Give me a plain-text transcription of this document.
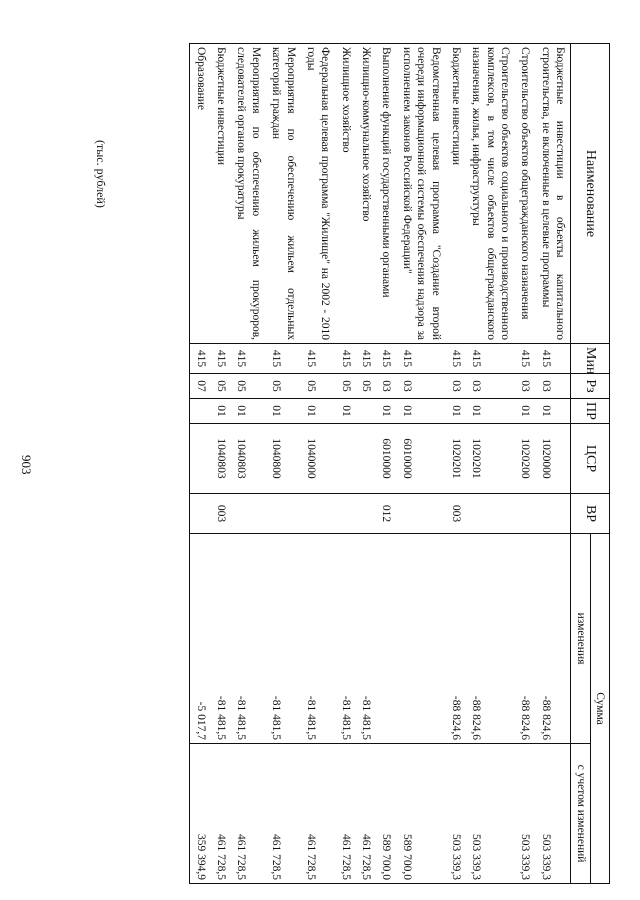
903
(тыс. рублей)	Наименование	Мин	Рз	ПР	ЦСР	ВР	Сумма	
						изменения	с учетом изменений
Бюджетные инвестиции в объекты капитального строительства, не включенные в целевые программы	415	03	01	1020000		-88 824,6	503 339,3
Строительство объектов общегражданского назначения	415	03	01	1020200		-88 824,6	503 339,3
Строительство объектов социального и производственного комплексов, в том числе объектов общегражданского назначения, жилья, инфраструктуры	415	03	01	1020201		-88 824,6	503 339,3
Бюджетные инвестиции	415	03	01	1020201	003	-88 824,6	503 339,3
Ведомственная целевая программа "Создание второй очереди информационной системы обеспечения надзора за исполнением законов Российской Федерации"	415	03	01	6010000			589 700,0
Выполнение функций государственными органами	415	03	01	6010000	012		589 700,0
Жилищно-коммунальное хозяйство	415	05				-81 481,5	461 728,5
Жилищное хозяйство	415	05	01			-81 481,5	461 728,5
Федеральная целевая программа "Жилище" на 2002 - 2010 годы	415	05	01	1040000		-81 481,5	461 728,5
Мероприятия по обеспечению жильем отдельных категорий граждан	415	05	01	1040800		-81 481,5	461 728,5
Мероприятия по обеспечению жильем прокуроров, следователей органов прокуратуры	415	05	01	1040803		-81 481,5	461 728,5
Бюджетные инвестиции	415	05	01	1040803	003	-81 481,5	461 728,5
Образование	415	07				-5 017,7	359 394,9
